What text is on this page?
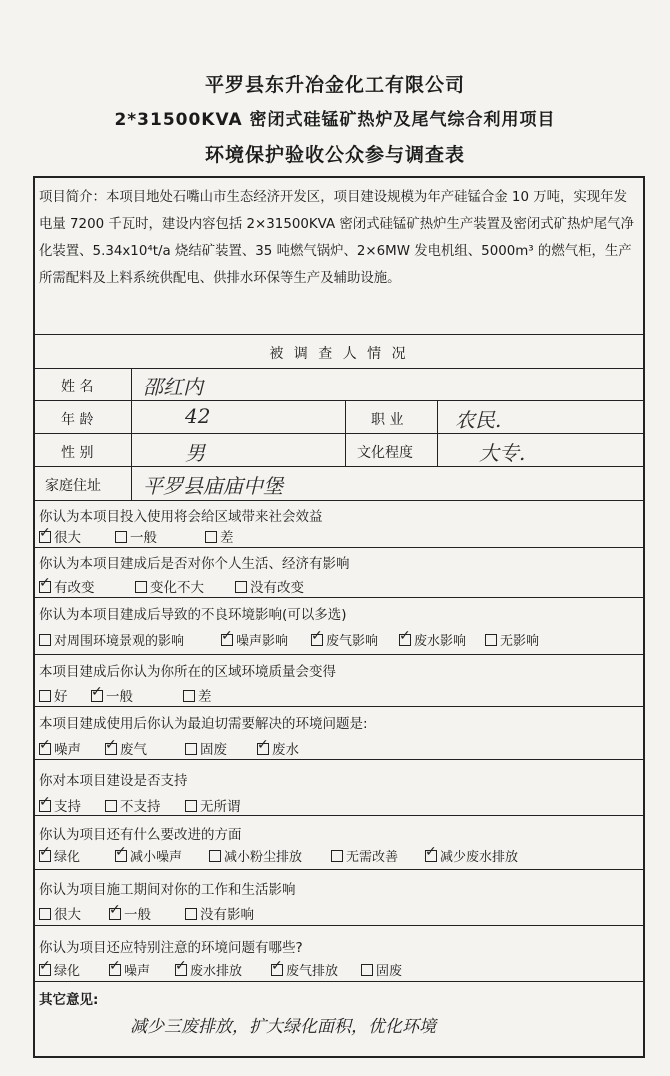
平罗县东升冶金化工有限公司
2*31500KVA 密闭式硅锰矿热炉及尾气综合利用项目
环境保护验收公众参与调查表
项目简介：本项目地处石嘴山市生态经济开发区，项目建设规模为年产硅锰合金 10 万吨，实现年发电量 7200 千瓦时，建设内容包括 2×31500KVA 密闭式硅锰矿热炉生产装置及密闭式矿热炉尾气净化装置、5.34x10⁴t/a 烧结矿装置、35 吨燃气锅炉、2×6MW 发电机组、5000m³ 的燃气柜，生产所需配料及上料系统供配电、供排水环保等生产及辅助设施。
被 调 查 人 情 况
姓 名 邵红内
年 龄	42	职 业	农民.
性 别	男	文化程度	大专.
家庭住址 平罗县庙庙中堡
你认为本项目投入使用将会给区域带来社会效益
✓很大	一般	差
你认为本项目建成后是否对你个人生活、经济有影响
✓有改变	变化不大	没有改变
你认为本项目建成后导致的不良环境影响(可以多选)
对周围环境景观的影响 ✓	噪声影响 ✓	废气影响 ✓	废水影响	无影响
本项目建成后你认为你所在的区域环境质量会变得
好 ✓	一般	差
本项目建成使用后你认为最迫切需要解决的环境问题是:
✓噪声 ✓	废气	固废 ✓	废水
你对本项目建设是否支持
✓支持	不支持	无所谓
你认为项目还有什么要改进的方面
✓绿化 ✓	减小噪声	减小粉尘排放	无需改善 ✓	减少废水排放
你认为项目施工期间对你的工作和生活影响
很大 ✓	一般	没有影响
你认为项目还应特别注意的环境问题有哪些?
✓绿化 ✓	噪声 ✓	废水排放 ✓	废气排放	固废
其它意见:
减少三废排放，扩大绿化面积，优化环境
